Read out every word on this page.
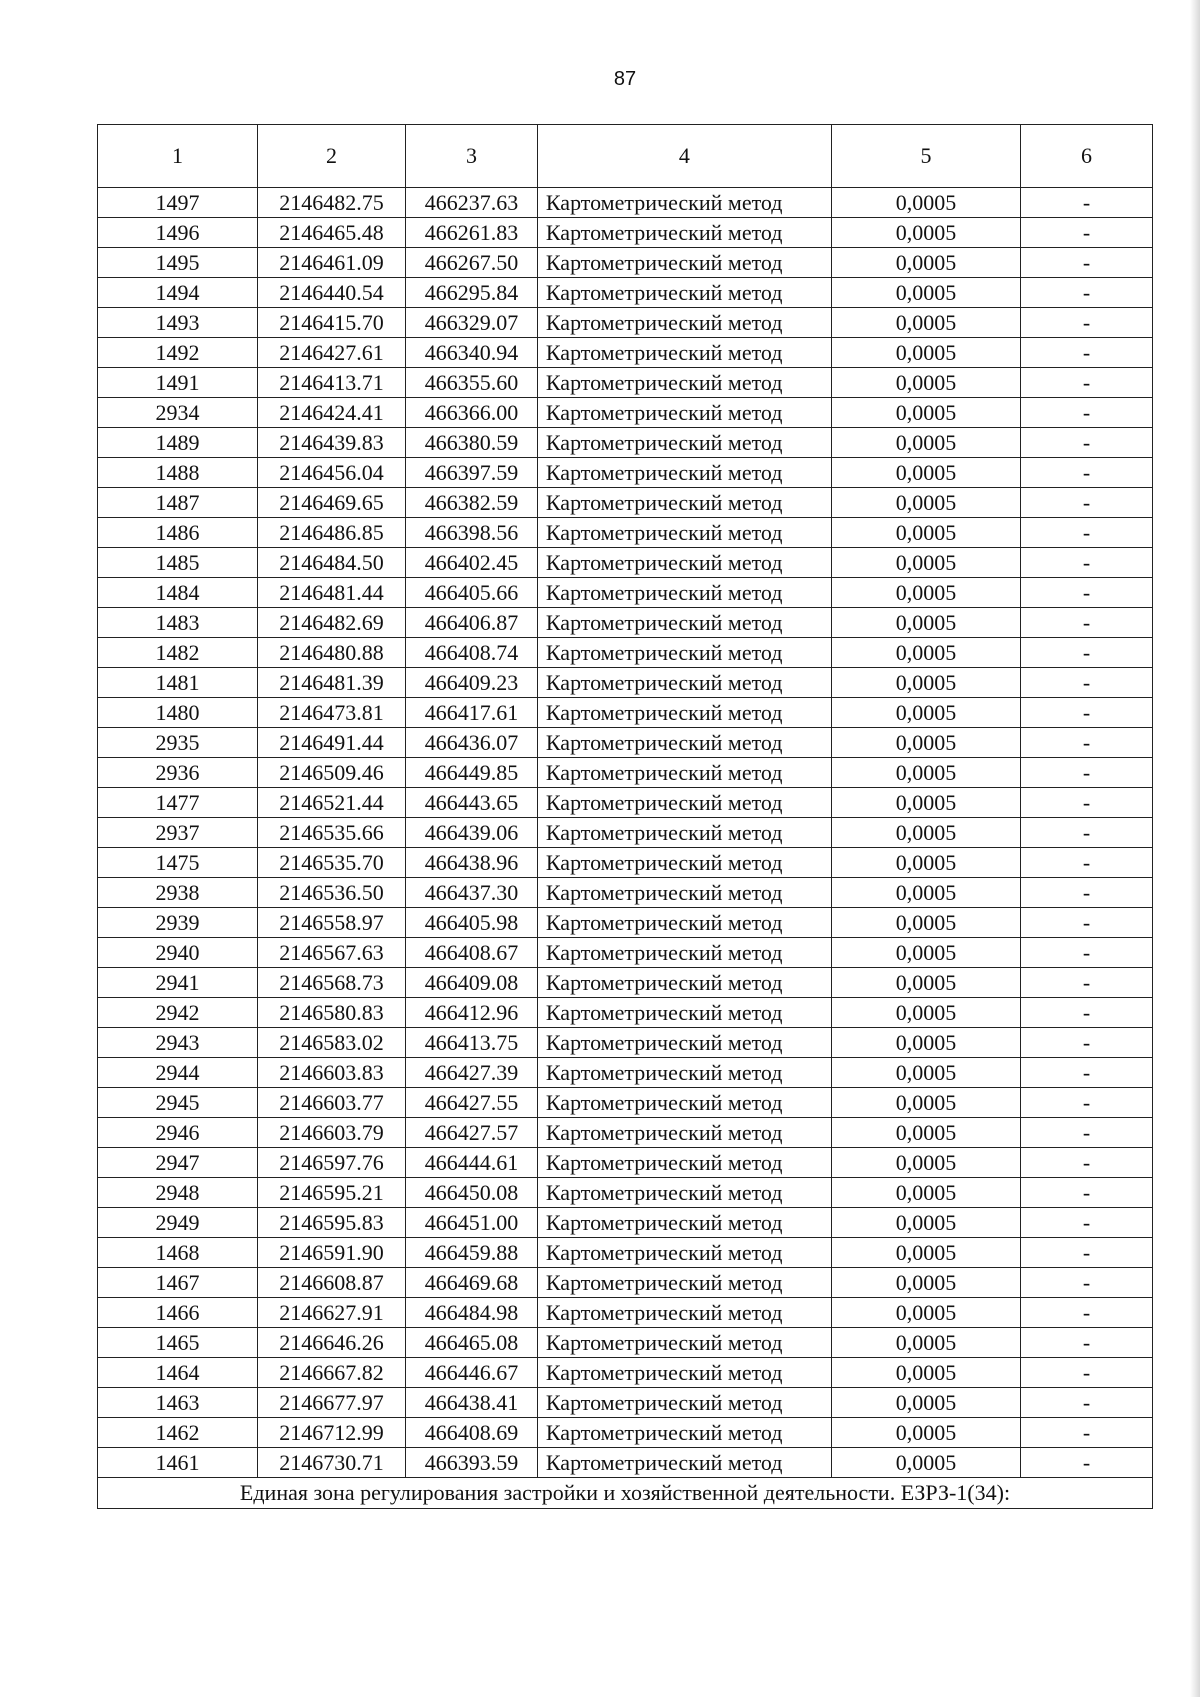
87
1	2	3	4	5	6
1497	2146482.75	466237.63	Картометрический метод	0,0005	-
1496	2146465.48	466261.83	Картометрический метод	0,0005	-
1495	2146461.09	466267.50	Картометрический метод	0,0005	-
1494	2146440.54	466295.84	Картометрический метод	0,0005	-
1493	2146415.70	466329.07	Картометрический метод	0,0005	-
1492	2146427.61	466340.94	Картометрический метод	0,0005	-
1491	2146413.71	466355.60	Картометрический метод	0,0005	-
2934	2146424.41	466366.00	Картометрический метод	0,0005	-
1489	2146439.83	466380.59	Картометрический метод	0,0005	-
1488	2146456.04	466397.59	Картометрический метод	0,0005	-
1487	2146469.65	466382.59	Картометрический метод	0,0005	-
1486	2146486.85	466398.56	Картометрический метод	0,0005	-
1485	2146484.50	466402.45	Картометрический метод	0,0005	-
1484	2146481.44	466405.66	Картометрический метод	0,0005	-
1483	2146482.69	466406.87	Картометрический метод	0,0005	-
1482	2146480.88	466408.74	Картометрический метод	0,0005	-
1481	2146481.39	466409.23	Картометрический метод	0,0005	-
1480	2146473.81	466417.61	Картометрический метод	0,0005	-
2935	2146491.44	466436.07	Картометрический метод	0,0005	-
2936	2146509.46	466449.85	Картометрический метод	0,0005	-
1477	2146521.44	466443.65	Картометрический метод	0,0005	-
2937	2146535.66	466439.06	Картометрический метод	0,0005	-
1475	2146535.70	466438.96	Картометрический метод	0,0005	-
2938	2146536.50	466437.30	Картометрический метод	0,0005	-
2939	2146558.97	466405.98	Картометрический метод	0,0005	-
2940	2146567.63	466408.67	Картометрический метод	0,0005	-
2941	2146568.73	466409.08	Картометрический метод	0,0005	-
2942	2146580.83	466412.96	Картометрический метод	0,0005	-
2943	2146583.02	466413.75	Картометрический метод	0,0005	-
2944	2146603.83	466427.39	Картометрический метод	0,0005	-
2945	2146603.77	466427.55	Картометрический метод	0,0005	-
2946	2146603.79	466427.57	Картометрический метод	0,0005	-
2947	2146597.76	466444.61	Картометрический метод	0,0005	-
2948	2146595.21	466450.08	Картометрический метод	0,0005	-
2949	2146595.83	466451.00	Картометрический метод	0,0005	-
1468	2146591.90	466459.88	Картометрический метод	0,0005	-
1467	2146608.87	466469.68	Картометрический метод	0,0005	-
1466	2146627.91	466484.98	Картометрический метод	0,0005	-
1465	2146646.26	466465.08	Картометрический метод	0,0005	-
1464	2146667.82	466446.67	Картометрический метод	0,0005	-
1463	2146677.97	466438.41	Картометрический метод	0,0005	-
1462	2146712.99	466408.69	Картометрический метод	0,0005	-
1461	2146730.71	466393.59	Картометрический метод	0,0005	-
Единая зона регулирования застройки и хозяйственной деятельности. ЕЗРЗ-1(34):					
